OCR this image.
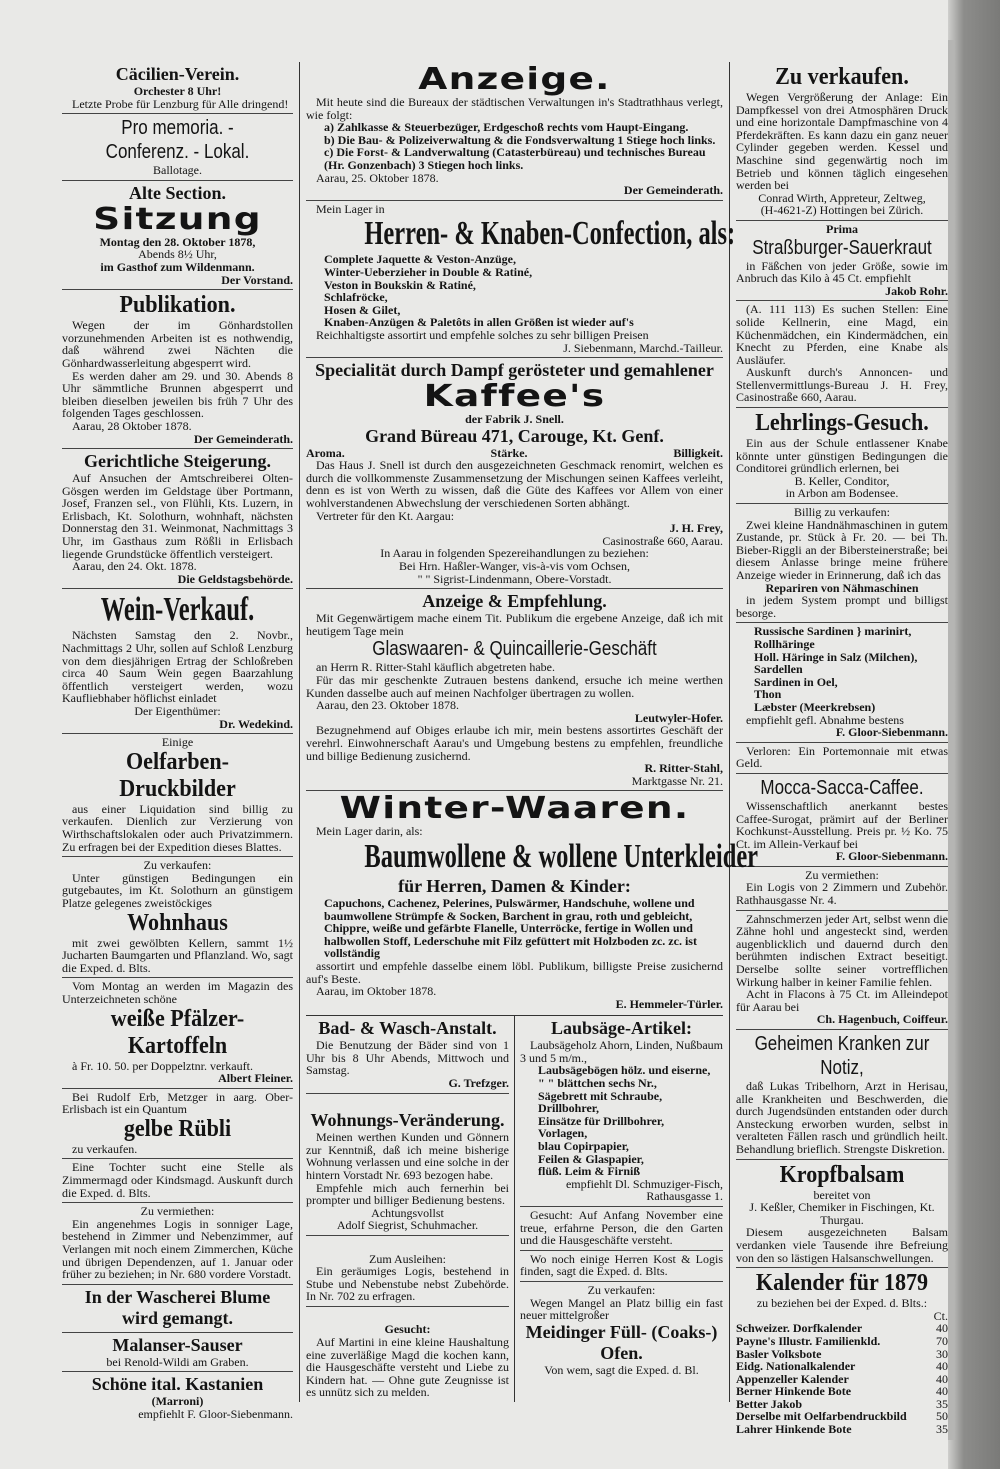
Cäcilien-Verein.
Orchester 8 Uhr!
Letzte Probe für Lenzburg für Alle dringend!
Pro memoria. - Conferenz. - Lokal.
Ballotage.
Alte Section.
Sitzung
Montag den 28. Oktober 1878,
Abends 8½ Uhr,
im Gasthof zum Wildenmann.
Der Vorstand.
Publikation.
Wegen der im Gönhardstollen vorzunehmenden Arbeiten ist es nothwendig, daß während zwei Nächten die Gönhardwasserleitung abgesperrt wird.
Es werden daher am 29. und 30. Abends 8 Uhr sämmtliche Brunnen abgesperrt und bleiben dieselben jeweilen bis früh 7 Uhr des folgenden Tages geschlossen.
Aarau, 28 Oktober 1878.
Der Gemeinderath.
Gerichtliche Steigerung.
Auf Ansuchen der Amtschreiberei Olten-Gösgen werden im Geldstage über Portmann, Josef, Franzen sel., von Flühli, Kts. Luzern, in Erlisbach, Kt. Solothurn, wohnhaft, nächsten Donnerstag den 31. Weinmonat, Nachmittags 3 Uhr, im Gasthaus zum Rößli in Erlisbach liegende Grundstücke öffentlich versteigert.
Aarau, den 24. Okt. 1878.
Die Geldstagsbehörde.
Wein-Verkauf.
Nächsten Samstag den 2. Novbr., Nachmittags 2 Uhr, sollen auf Schloß Lenzburg von dem diesjährigen Ertrag der Schloßreben circa 40 Saum Wein gegen Baarzahlung öffentlich versteigert werden, wozu Kaufliebhaber höflichst einladet
Der Eigenthümer:
Dr. Wedekind.
Einige
Oelfarben-Druckbilder
aus einer Liquidation sind billig zu verkaufen. Dienlich zur Verzierung von Wirthschaftslokalen oder auch Privatzimmern. Zu erfragen bei der Expedition dieses Blattes.
Zu verkaufen:
Unter günstigen Bedingungen ein gutgebautes, im Kt. Solothurn an günstigem Platze gelegenes zweistöckiges
Wohnhaus
mit zwei gewölbten Kellern, sammt 1½ Jucharten Baumgarten und Pflanzland. Wo, sagt die Exped. d. Blts.
Vom Montag an werden im Magazin des Unterzeichneten schöne
weiße Pfälzer-Kartoffeln
à Fr. 10. 50. per Doppelztnr. verkauft.
Albert Fleiner.
Bei Rudolf Erb, Metzger in aarg. Ober-Erlisbach ist ein Quantum
gelbe Rübli
zu verkaufen.
Eine Tochter sucht eine Stelle als Zimmermagd oder Kindsmagd. Auskunft durch die Exped. d. Blts.
Zu vermiethen:
Ein angenehmes Logis in sonniger Lage, bestehend in Zimmer und Nebenzimmer, auf Verlangen mit noch einem Zimmerchen, Küche und übrigen Dependenzen, auf 1. Januar oder früher zu beziehen; in Nr. 680 vordere Vorstadt.
In der Wascherei Blume
wird gemangt.
Malanser-Sauser
bei Renold-Wildi am Graben.
Schöne ital. Kastanien
(Marroni)
empfiehlt F. Gloor-Siebenmann.
Anzeige.
Mit heute sind die Bureaux der städtischen Verwaltungen in's Stadtrathhaus verlegt, wie folgt:
a) Zahlkasse & Steuerbezüger, Erdgeschoß rechts vom Haupt-Eingang.
b) Die Bau- & Polizeiverwaltung & die Fondsverwaltung 1 Stiege hoch links.
c) Die Forst- & Landverwaltung (Catasterbüreau) und technisches Bureau (Hr. Gonzenbach) 3 Stiegen hoch links.
Aarau, 25. Oktober 1878.
Der Gemeinderath.
Mein Lager in
Herren- & Knaben-Confection, als:
Complete Jaquette & Veston-Anzüge,
Winter-Ueberzieher in Double & Ratiné,
Veston in Boukskin & Ratiné,
Schlafröcke,
Hosen & Gilet,
Knaben-Anzügen & Paletôts in allen Größen ist wieder auf's
Reichhaltigste assortirt und empfehle solches zu sehr billigen Preisen
J. Siebenmann, Marchd.-Tailleur.
Specialität durch Dampf gerösteter und gemahlener
Kaffee's
der Fabrik J. Snell.
Grand Büreau 471, Carouge, Kt. Genf.
Aroma.	Stärke.	Billigkeit.
Das Haus J. Snell ist durch den ausgezeichneten Geschmack renomirt, welchen es durch die vollkommenste Zusammensetzung der Mischungen seinen Kaffees verleiht, denn es ist von Werth zu wissen, daß die Güte des Kaffees vor Allem von einer wohlverstandenen Abwechslung der verschiedenen Sorten abhängt.
Vertreter für den Kt. Aargau:
J. H. Frey,
Casinostraße 660, Aarau.
In Aarau in folgenden Spezereihandlungen zu beziehen:
Bei Hrn. Haßler-Wanger, vis-à-vis vom Ochsen,
" " Sigrist-Lindenmann, Obere-Vorstadt.
Anzeige & Empfehlung.
Mit Gegenwärtigem mache einem Tit. Publikum die ergebene Anzeige, daß ich mit heutigem Tage mein
Glaswaaren- & Quincaillerie-Geschäft
an Herrn R. Ritter-Stahl käuflich abgetreten habe.
Für das mir geschenkte Zutrauen bestens dankend, ersuche ich meine werthen Kunden dasselbe auch auf meinen Nachfolger übertragen zu wollen.
Aarau, den 23. Oktober 1878.
Leutwyler-Hofer.
Bezugnehmend auf Obiges erlaube ich mir, mein bestens assortirtes Geschäft der verehrl. Einwohnerschaft Aarau's und Umgebung bestens zu empfehlen, freundliche und billige Bedienung zusichernd.
R. Ritter-Stahl,
Marktgasse Nr. 21.
Winter-Waaren.
Mein Lager darin, als:
Baumwollene & wollene Unterkleider
für Herren, Damen & Kinder:
Capuchons, Cachenez, Pelerines, Pulswärmer, Handschuhe, wollene und baumwollene Strümpfe & Socken, Barchent in grau, roth und gebleicht, Chippre, weiße und gefärbte Flanelle, Unterröcke, fertige in Wollen und halbwollen Stoff, Lederschuhe mit Filz gefüttert mit Holzboden zc. zc. ist vollständig
assortirt und empfehle dasselbe einem löbl. Publikum, billigste Preise zusichernd auf's Beste.
Aarau, im Oktober 1878.
E. Hemmeler-Türler.
Bad- & Wasch-Anstalt.
Die Benutzung der Bäder sind von 1 Uhr bis 8 Uhr Abends, Mittwoch und Samstag.
G. Trefzger.
Wohnungs-Veränderung.
Meinen werthen Kunden und Gönnern zur Kenntniß, daß ich meine bisherige Wohnung verlassen und eine solche in der hintern Vorstadt Nr. 693 bezogen habe.
Empfehle mich auch fernerhin bei prompter und billiger Bedienung bestens.
Achtungsvollst
Adolf Siegrist, Schuhmacher.
Zum Ausleihen:
Ein geräumiges Logis, bestehend in Stube und Nebenstube nebst Zubehörde. In Nr. 702 zu erfragen.
Gesucht:
Auf Martini in eine kleine Haushaltung eine zuverläßige Magd die kochen kann, die Hausgeschäfte versteht und Liebe zu Kindern hat. — Ohne gute Zeugnisse ist es unnütz sich zu melden.
Laubsäge-Artikel:
Laubsägeholz Ahorn, Linden, Nußbaum 3 und 5 m/m.,
Laubsägebögen hölz. und eiserne,
" " blättchen sechs Nr.,
Sägebrett mit Schraube,
Drillbohrer,
Einsätze für Drillbohrer,
Vorlagen,
blau Copirpapier,
Feilen & Glaspapier,
flüß. Leim & Firniß
empfiehlt Dl. Schmuziger-Fisch,
Rathausgasse 1.
Gesucht: Auf Anfang November eine treue, erfahrne Person, die den Garten und die Hausgeschäfte versteht.
Wo noch einige Herren Kost & Logis finden, sagt die Exped. d. Blts.
Zu verkaufen:
Wegen Mangel an Platz billig ein fast neuer mittelgroßer
Meidinger Füll- (Coaks-) Ofen.
Von wem, sagt die Exped. d. Bl.
Zu verkaufen.
Wegen Vergrößerung der Anlage: Ein Dampfkessel von drei Atmosphären Druck und eine horizontale Dampfmaschine von 4 Pferdekräften. Es kann dazu ein ganz neuer Cylinder gegeben werden. Kessel und Maschine sind gegenwärtig noch im Betrieb und können täglich eingesehen werden bei
Conrad Wirth, Appreteur, Zeltweg,
(H-4621-Z) Hottingen bei Zürich.
Prima
Straßburger-Sauerkraut
in Fäßchen von jeder Größe, sowie im Anbruch das Kilo à 45 Ct. empfiehlt
Jakob Rohr.
(A. 111 113) Es suchen Stellen: Eine solide Kellnerin, eine Magd, ein Küchenmädchen, ein Kindermädchen, ein Knecht zu Pferden, eine Knabe als Ausläufer.
Auskunft durch's Annoncen- und Stellenvermittlungs-Bureau J. H. Frey, Casinostraße 660, Aarau.
Lehrlings-Gesuch.
Ein aus der Schule entlassener Knabe könnte unter günstigen Bedingungen die Conditorei gründlich erlernen, bei
B. Keller, Conditor,
in Arbon am Bodensee.
Billig zu verkaufen:
Zwei kleine Handnähmaschinen in gutem Zustande, pr. Stück à Fr. 20. — bei Th. Bieber-Riggli an der Bibersteinerstraße; bei diesem Anlasse bringe meine frühere Anzeige wieder in Erinnerung, daß ich das
Repariren von Nähmaschinen
in jedem System prompt und billigst besorge.
Russische Sardinen } marinirt,
Rollhäringe
Holl. Häringe in Salz (Milchen),
Sardellen
Sardinen in Oel,
Thon
Læbster (Meerkrebsen)
empfiehlt gefl. Abnahme bestens
F. Gloor-Siebenmann.
Verloren: Ein Portemonnaie mit etwas Geld.
Mocca-Sacca-Caffee.
Wissenschaftlich anerkannt bestes Caffee-Surogat, prämirt auf der Berliner Kochkunst-Ausstellung. Preis pr. ½ Ko. 75 Ct. im Allein-Verkauf bei
F. Gloor-Siebenmann.
Zu vermiethen:
Ein Logis von 2 Zimmern und Zubehör. Rathhausgasse Nr. 4.
Zahnschmerzen jeder Art, selbst wenn die Zähne hohl und angesteckt sind, werden augenblicklich und dauernd durch den berühmten indischen Extract beseitigt. Derselbe sollte seiner vortrefflichen Wirkung halber in keiner Familie fehlen.
Acht in Flacons à 75 Ct. im Alleindepot für Aarau bei
Ch. Hagenbuch, Coiffeur.
Geheimen Kranken zur Notiz,
daß Lukas Tribelhorn, Arzt in Herisau, alle Krankheiten und Beschwerden, die durch Jugendsünden entstanden oder durch Ansteckung erworben wurden, selbst in veralteten Fällen rasch und gründlich heilt. Behandlung brieflich. Strengste Diskretion.
Kropfbalsam
bereitet von
J. Keßler, Chemiker in Fischingen, Kt. Thurgau.
Diesem ausgezeichneten Balsam verdanken viele Tausende ihre Befreiung von den so lästigen Halsanschwellungen.
Kalender für 1879
zu beziehen bei der Exped. d. Blts.:
Ct.
Schweizer. Dorfkalender	40
Payne's Illustr. Familienkld.	70
Basler Volksbote	30
Eidg. Nationalkalender	40
Appenzeller Kalender	40
Berner Hinkende Bote	40
Better Jakob	35
Derselbe mit Oelfarbendruckbild 50
Lahrer Hinkende Bote	35
